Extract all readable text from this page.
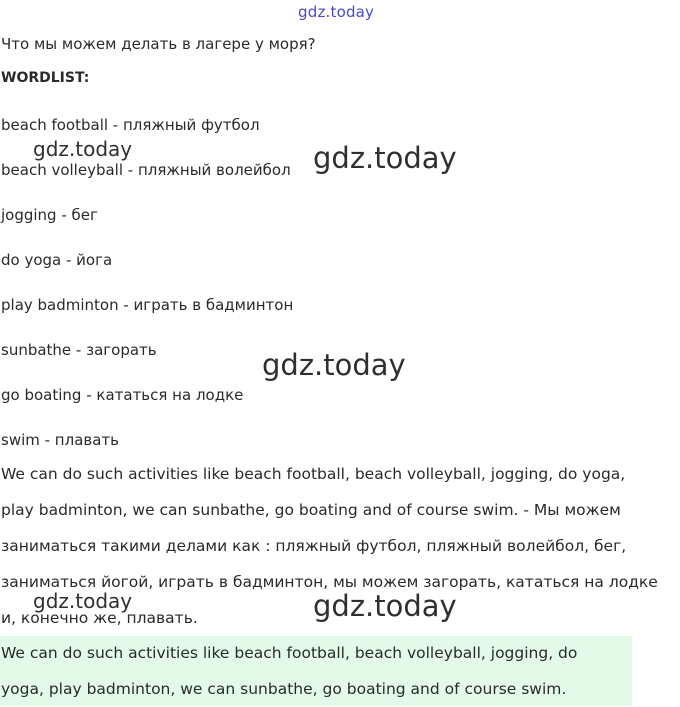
gdz.today
Что мы можем делать в лагере у моря?
WORDLIST:
beach football - пляжный футбол
beach volleyball - пляжный волейбол
jogging - бег
do yoga - йога
play badminton - играть в бадминтон
sunbathe - загорать
go boating - кататься на лодке
swim - плавать
We can do such activities like beach football, beach volleyball, jogging, do yoga,
play badminton, we can sunbathe, go boating and of course swim. - Мы можем
заниматься такими делами как : пляжный футбол, пляжный волейбол, бег,
заниматься йогой, играть в бадминтон, мы можем загорать, кататься на лодке
и, конечно же, плавать.
We can do such activities like beach football, beach volleyball, jogging, do
yoga, play badminton, we can sunbathe, go boating and of course swim.
gdz.today	gdz.today
gdz.today
gdz.today	gdz.today
